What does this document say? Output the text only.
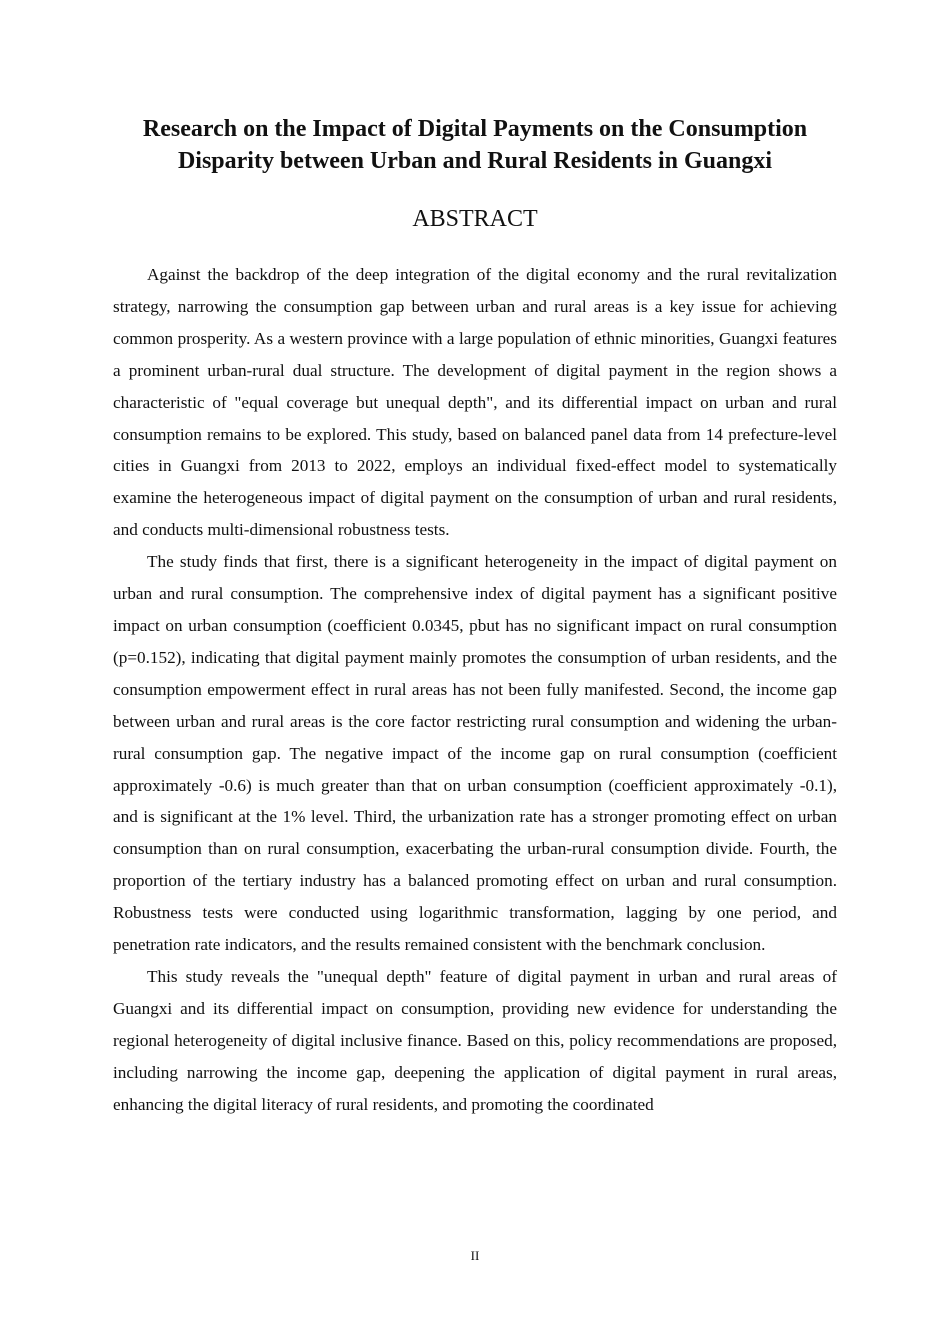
Research on the Impact of Digital Payments on the Consumption
Disparity between Urban and Rural Residents in Guangxi
ABSTRACT

Against the backdrop of the deep integration of the digital economy and the rural revitalization strategy, narrowing the consumption gap between urban and rural areas is a key issue for achieving common prosperity. As a western province with a large population of ethnic minorities, Guangxi features a prominent urban-rural dual structure. The development of digital payment in the region shows a characteristic of "equal coverage but unequal depth", and its differential impact on urban and rural consumption remains to be explored. This study, based on balanced panel data from 14 prefecture-level cities in Guangxi from 2013 to 2022, employs an individual fixed-effect model to systematically examine the heterogeneous impact of digital payment on the consumption of urban and rural residents, and conducts multi-dimensional robustness tests.

The study finds that first, there is a significant heterogeneity in the impact of digital payment on urban and rural consumption. The comprehensive index of digital payment has a significant positive impact on urban consumption (coefficient 0.0345, pbut has no significant impact on rural consumption (p=0.152), indicating that digital payment mainly promotes the consumption of urban residents, and the consumption empowerment effect in rural areas has not been fully manifested. Second, the income gap between urban and rural areas is the core factor restricting rural consumption and widening the urban-rural consumption gap. The negative impact of the income gap on rural consumption (coefficient approximately -0.6) is much greater than that on urban consumption (coefficient approximately -0.1), and is significant at the 1% level. Third, the urbanization rate has a stronger promoting effect on urban consumption than on rural consumption, exacerbating the urban-rural consumption divide. Fourth, the proportion of the tertiary industry has a balanced promoting effect on urban and rural consumption. Robustness tests were conducted using logarithmic transformation, lagging by one period, and penetration rate indicators, and the results remained consistent with the benchmark conclusion.

This study reveals the "unequal depth" feature of digital payment in urban and rural areas of Guangxi and its differential impact on consumption, providing new evidence for understanding the regional heterogeneity of digital inclusive finance. Based on this, policy recommendations are proposed, including narrowing the income gap, deepening the application of digital payment in rural areas, enhancing the digital literacy of rural residents, and promoting the coordinated

II
